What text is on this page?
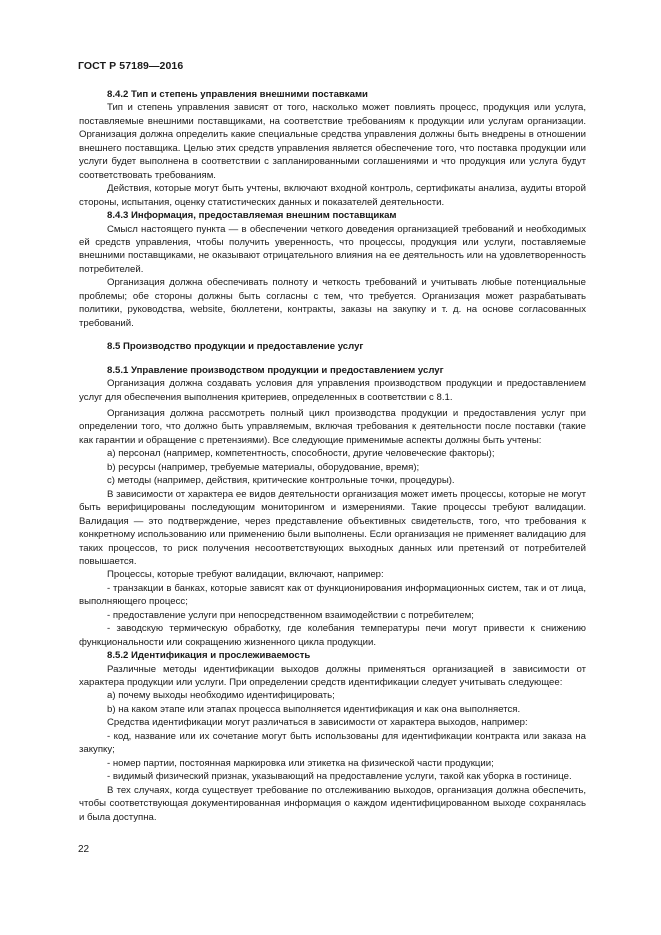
ГОСТ Р 57189—2016

8.4.2 Тип и степень управления внешними поставками

Тип и степень управления зависят от того, насколько может повлиять процесс, продукция или услуга, поставляемые внешними поставщиками, на соответствие требованиям к продукции или услугам организации. Организация должна определить какие специальные средства управления должны быть внедрены в отношении внешнего поставщика. Целью этих средств управления является обеспечение того, что поставка продукции или услуги будет выполнена в соответствии с запланированными соглашениями и что продукция или услуга будут соответствовать требованиям.

Действия, которые могут быть учтены, включают входной контроль, сертификаты анализа, аудиты второй стороны, испытания, оценку статистических данных и показателей деятельности.

8.4.3 Информация, предоставляемая внешним поставщикам

Смысл настоящего пункта — в обеспечении четкого доведения организацией требований и необходимых ей средств управления, чтобы получить уверенность, что процессы, продукция или услуги, поставляемые внешними поставщиками, не оказывают отрицательного влияния на ее деятельность или на удовлетворенность потребителей.

Организация должна обеспечивать полноту и четкость требований и учитывать любые потенциальные проблемы; обе стороны должны быть согласны с тем, что требуется. Организация может разрабатывать политики, руководства, website, бюллетени, контракты, заказы на закупку и т. д. на основе согласованных требований.

8.5 Производство продукции и предоставление услуг

8.5.1 Управление производством продукции и предоставлением услуг

Организация должна создавать условия для управления производством продукции и предоставлением услуг для обеспечения выполнения критериев, определенных в соответствии с 8.1.

Организация должна рассмотреть полный цикл производства продукции и предоставления услуг при определении того, что должно быть управляемым, включая требования к деятельности после поставки (такие как гарантии и обращение с претензиями). Все следующие применимые аспекты должны быть учтены:

a) персонал (например, компетентность, способности, другие человеческие факторы);

b) ресурсы (например, требуемые материалы, оборудование, время);

c) методы (например, действия, критические контрольные точки, процедуры).

В зависимости от характера ее видов деятельности организация может иметь процессы, которые не могут быть верифицированы последующим мониторингом и измерениями. Такие процессы требуют валидации. Валидация — это подтверждение, через представление объективных свидетельств, того, что требования к конкретному использованию или применению были выполнены. Если организация не применяет валидацию для таких процессов, то риск получения несоответствующих выходных данных или претензий от потребителей повышается.

Процессы, которые требуют валидации, включают, например:

- транзакции в банках, которые зависят как от функционирования информационных систем, так и от лица, выполняющего процесс;

- предоставление услуги при непосредственном взаимодействии с потребителем;

- заводскую термическую обработку, где колебания температуры печи могут привести к снижению функциональности или сокращению жизненного цикла продукции.

8.5.2 Идентификация и прослеживаемость

Различные методы идентификации выходов должны применяться организацией в зависимости от характера продукции или услуги. При определении средств идентификации следует учитывать следующее:

a) почему выходы необходимо идентифицировать;

b) на каком этапе или этапах процесса выполняется идентификация и как она выполняется.

Средства идентификации могут различаться в зависимости от характера выходов, например:

- код, название или их сочетание могут быть использованы для идентификации контракта или заказа на закупку;

- номер партии, постоянная маркировка или этикетка на физической части продукции;

- видимый физический признак, указывающий на предоставление услуги, такой как уборка в гостинице.

В тех случаях, когда существует требование по отслеживанию выходов, организация должна обеспечить, чтобы соответствующая документированная информация о каждом идентифицированном выходе сохранялась и была доступна.

22
